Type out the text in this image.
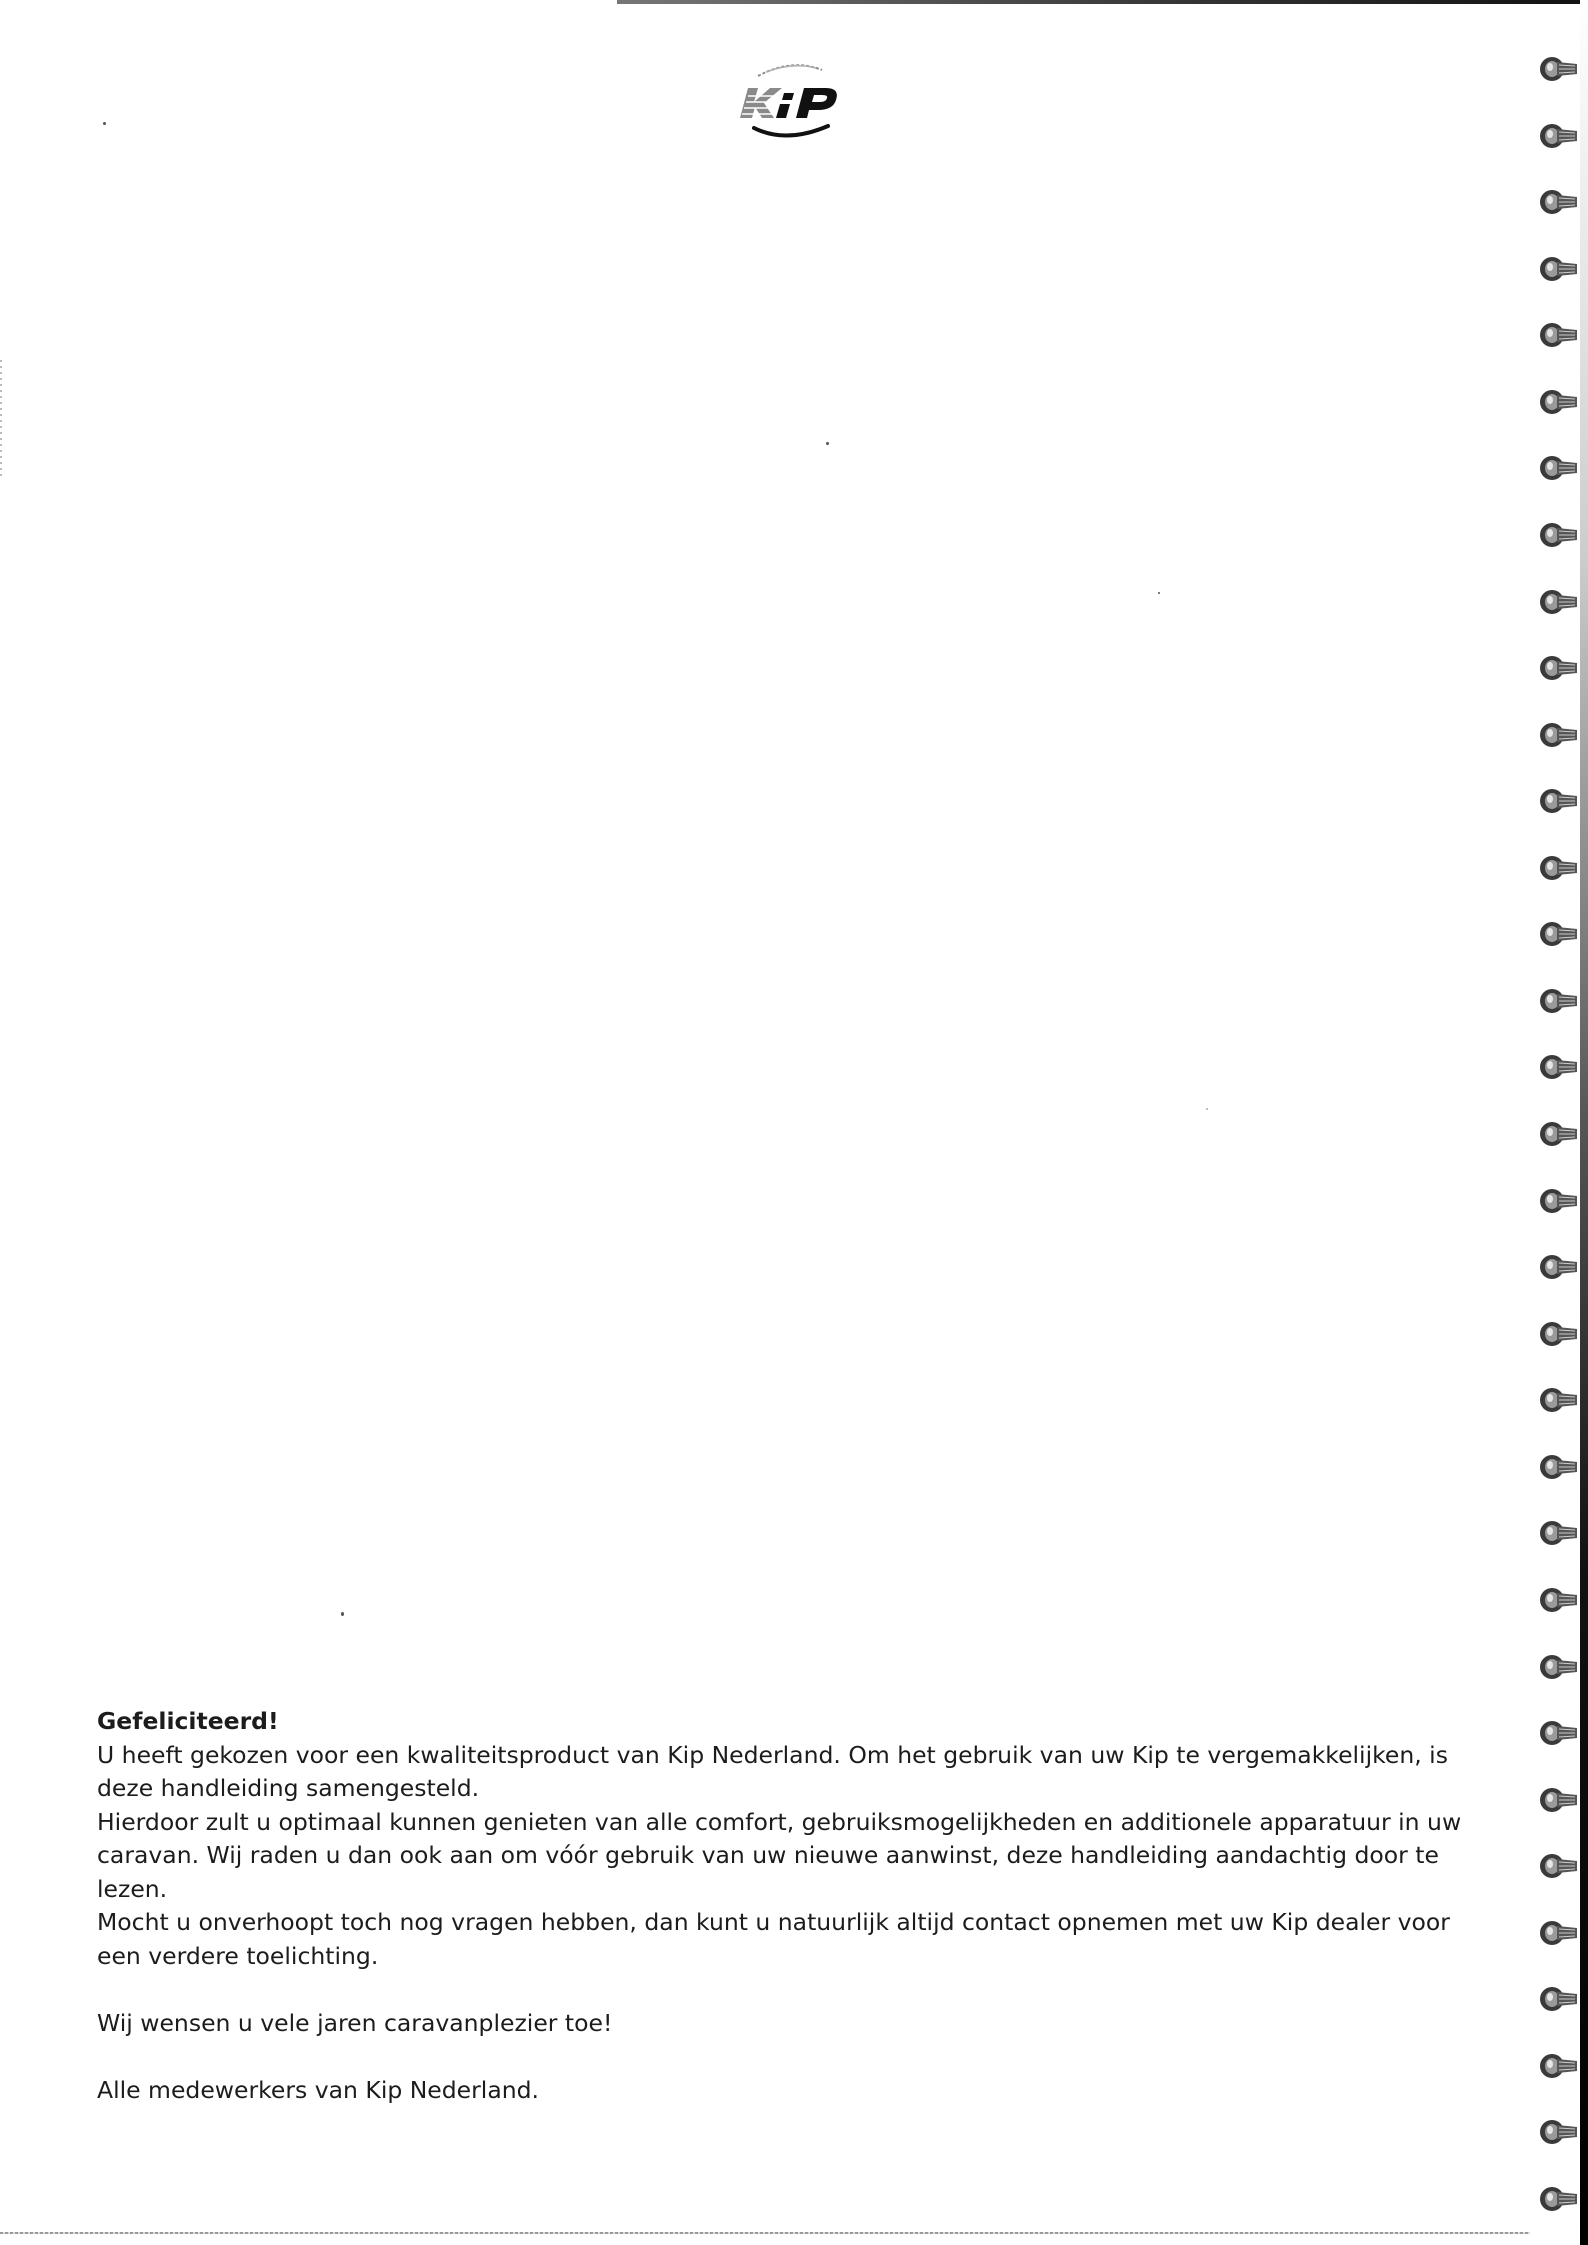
Gefeliciteerd!

U heeft gekozen voor een kwaliteitsproduct van Kip Nederland. Om het gebruik van uw Kip te vergemakkelijken, is deze handleiding samengesteld.

Hierdoor zult u optimaal kunnen genieten van alle comfort, gebruiksmogelijkheden en additionele apparatuur in uw caravan. Wij raden u dan ook aan om vóór gebruik van uw nieuwe aanwinst, deze handleiding aandachtig door te lezen.

Mocht u onverhoopt toch nog vragen hebben, dan kunt u natuurlijk altijd contact opnemen met uw Kip dealer voor een verdere toelichting.

Wij wensen u vele jaren caravanplezier toe!

Alle medewerkers van Kip Nederland.
